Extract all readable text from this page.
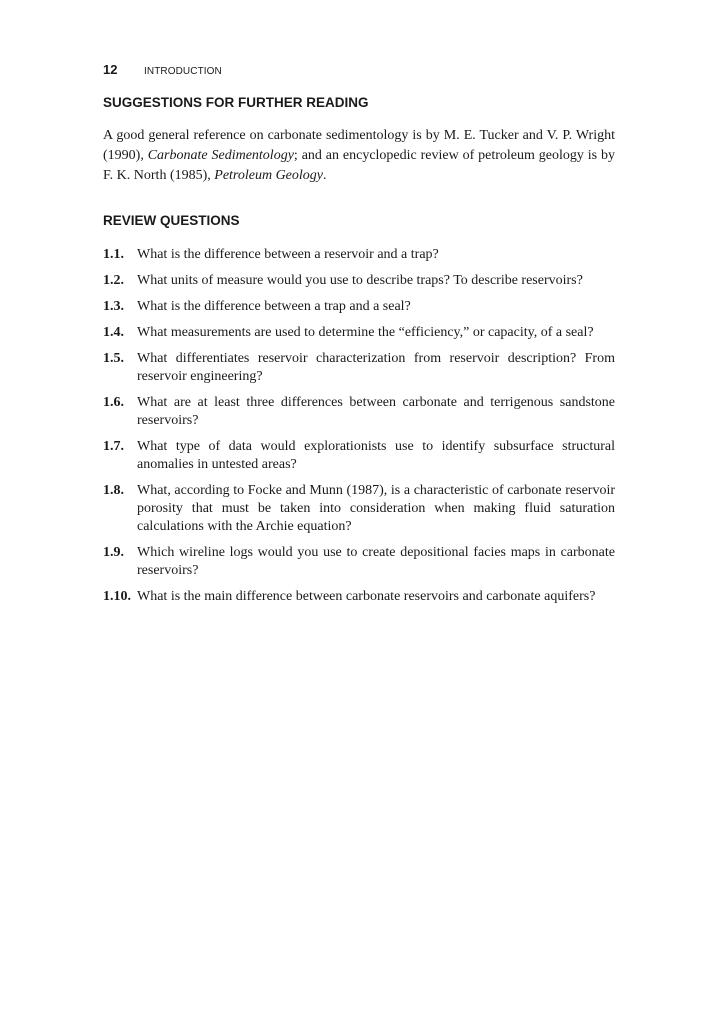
12	INTRODUCTION
SUGGESTIONS FOR FURTHER READING

A good general reference on carbonate sedimentology is by M. E. Tucker and V. P. Wright (1990), Carbonate Sedimentology; and an encyclopedic review of petroleum geology is by F. K. North (1985), Petroleum Geology.

REVIEW QUESTIONS
1.1. What is the difference between a reservoir and a trap?
1.2. What units of measure would you use to describe traps? To describe reservoirs?
1.3. What is the difference between a trap and a seal?
1.4. What measurements are used to determine the “efficiency,” or capacity, of a seal?
1.5. What differentiates reservoir characterization from reservoir description? From reservoir engineering?
1.6. What are at least three differences between carbonate and terrigenous sandstone reservoirs?
1.7. What type of data would explorationists use to identify subsurface structural anomalies in untested areas?
1.8. What, according to Focke and Munn (1987), is a characteristic of carbonate reservoir porosity that must be taken into consideration when making fluid saturation calculations with the Archie equation?
1.9. Which wireline logs would you use to create depositional facies maps in carbonate reservoirs?
1.10. What is the main difference between carbonate reservoirs and carbonate aquifers?
